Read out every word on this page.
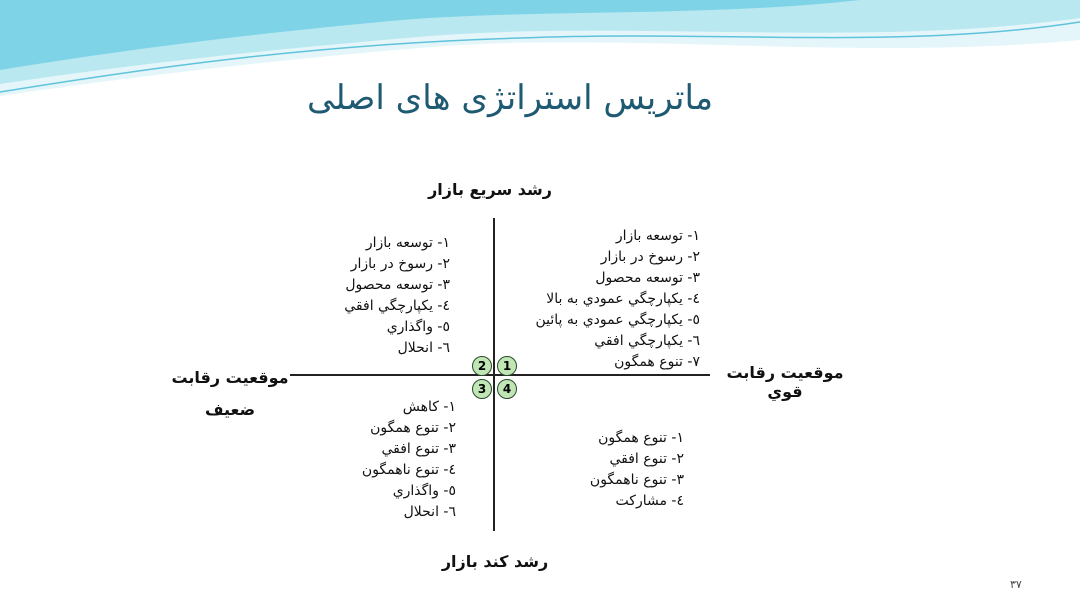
ماتریس استراتژی های اصلی
رشد سریع بازار
موقعیت رقابت ضعیف
موقعیت رقابت قوي
رشد کند بازار
1
2
3	4
۱- توسعه بازار
۲- رسوخ در بازار
۳- توسعه محصول
٤- يکپارچگي عمودي به بالا
٥- يکپارچگي عمودي به پائين
٦- يکپارچگي افقي
۷- تنوع همگون
۱- توسعه بازار
۲- رسوخ در بازار
۳- توسعه محصول
٤- يکپارچگي افقي
٥- واگذاري
٦- انحلال
۱- کاهش
۲- تنوع همگون
۳- تنوع افقي
٤- تنوع ناهمگون
٥- واگذاري
٦- انحلال
۱- تنوع همگون
۲- تنوع افقي
۳- تنوع ناهمگون
٤- مشارکت
۳۷
